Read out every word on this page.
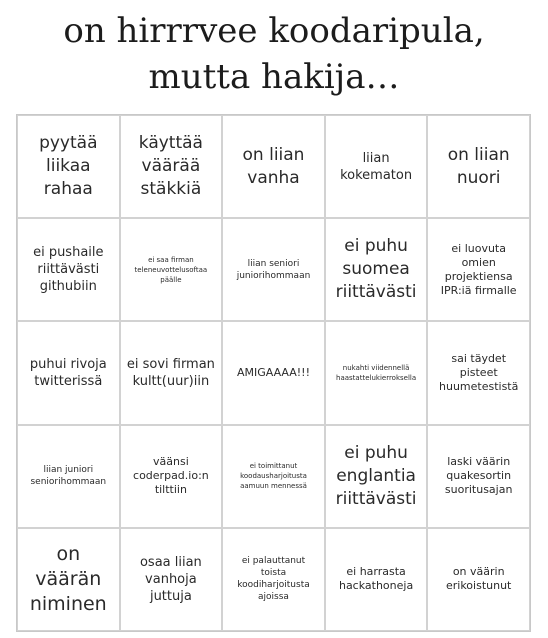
on hirrrvee koodaripula,
mutta hakija…
pyytää liikaa rahaa
käyttää väärää stäkkiä
on liian vanha
liian kokematon
on liian nuori
ei pushaile riittävästi githubiin
ei saa firman teleneuvottelusoftaa päälle
liian seniori juniorihommaan
ei puhu suomea riittävästi
ei luovuta omien projektiensa IPR:iä firmalle
puhui rivoja twitterissä
ei sovi firman kultt(uur)iin
AMIGAAAA!!!	nukahti viidennellä haastattelukierroksella
sai täydet pisteet huumetestistä
liian juniori seniorihommaan
väänsi coderpad.io:n tilttiin
ei toimittanut koodausharjoitusta aamuun mennessä
ei puhu englantia riittävästi
laski väärin quakesortin suoritusajan
on väärän niminen
osaa liian vanhoja juttuja
ei palauttanut toista koodiharjoitusta ajoissa
ei harrasta hackathoneja
on väärin erikoistunut
